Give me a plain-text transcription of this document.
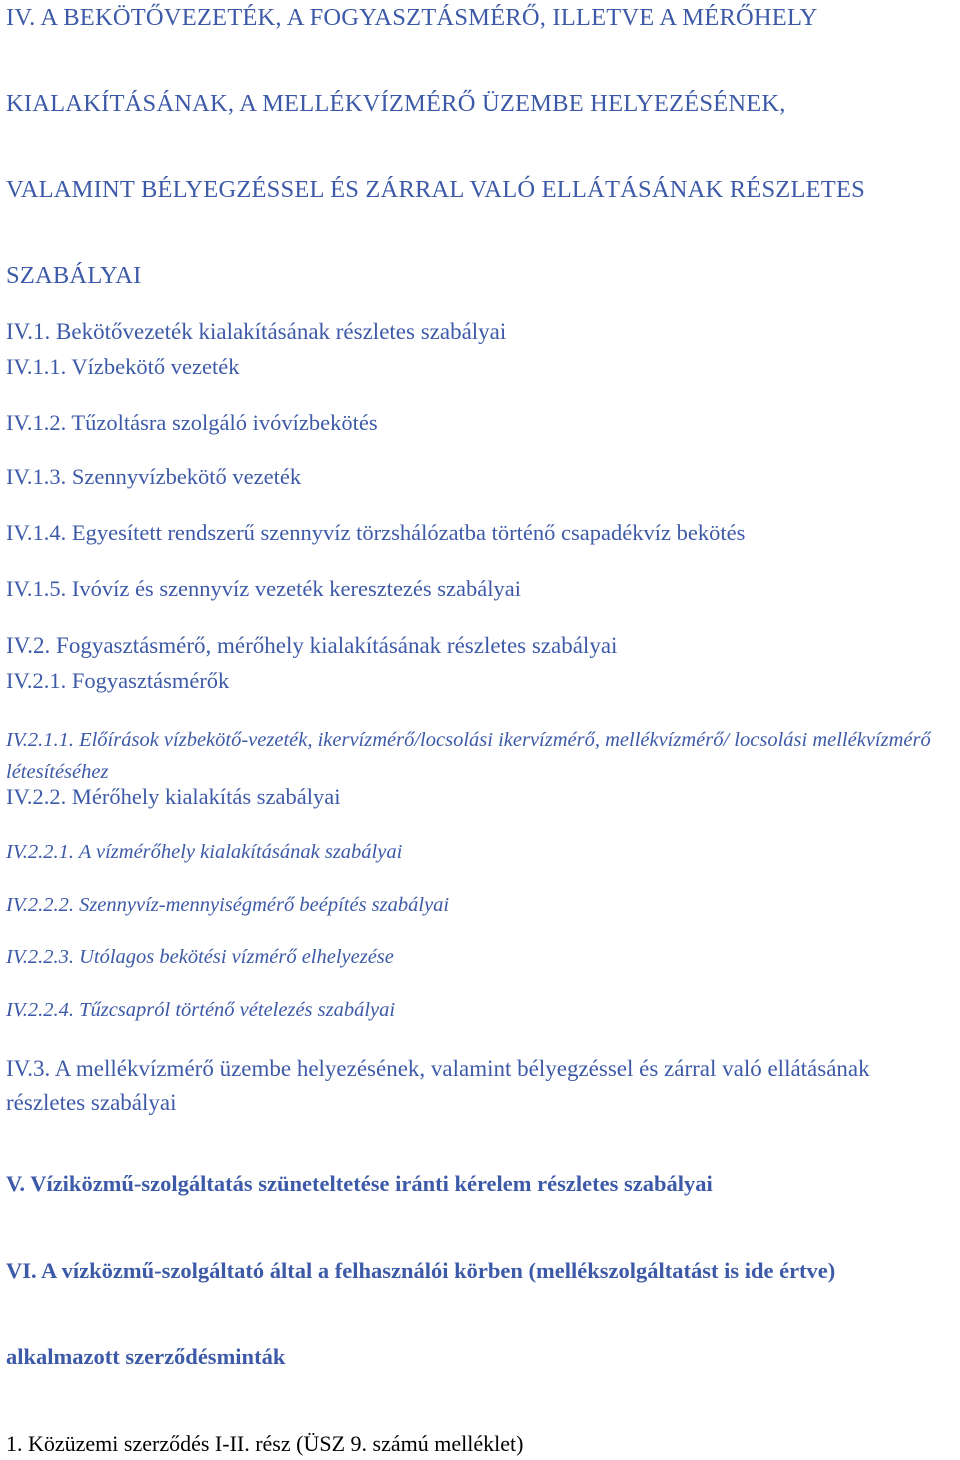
IV. A BEKÖTŐVEZETÉK, A FOGYASZTÁSMÉRŐ, ILLETVE A MÉRŐHELY

KIALAKÍTÁSÁNAK, A MELLÉKVÍZMÉRŐ ÜZEMBE HELYEZÉSÉNEK,

VALAMINT BÉLYEGZÉSSEL ÉS ZÁRRAL VALÓ ELLÁTÁSÁNAK RÉSZLETES

SZABÁLYAI

IV.1. Bekötővezeték kialakításának részletes szabályai
IV.1.1. Vízbekötő vezeték
IV.1.2. Tűzoltásra szolgáló ivóvízbekötés
IV.1.3. Szennyvízbekötő vezeték
IV.1.4. Egyesített rendszerű szennyvíz törzshálózatba történő csapadékvíz bekötés
IV.1.5. Ivóvíz és szennyvíz vezeték keresztezés szabályai
IV.2. Fogyasztásmérő, mérőhely kialakításának részletes szabályai
IV.2.1. Fogyasztásmérők
IV.2.1.1. Előírások vízbekötő-vezeték, ikervízmérő/locsolási ikervízmérő, mellékvízmérő/ locsolási mellékvízmérő létesítéséhez
IV.2.2. Mérőhely kialakítás szabályai
IV.2.2.1. A vízmérőhely kialakításának szabályai
IV.2.2.2. Szennyvíz-mennyiségmérő beépítés szabályai
IV.2.2.3. Utólagos bekötési vízmérő elhelyezése
IV.2.2.4. Tűzcsapról történő vételezés szabályai
IV.3. A mellékvízmérő üzembe helyezésének, valamint bélyegzéssel és zárral való ellátásának részletes szabályai
V. Víziközmű-szolgáltatás szüneteltetése iránti kérelem részletes szabályai
VI. A vízközmű-szolgáltató által a felhasználói körben (mellékszolgáltatást is ide értve)
alkalmazott szerződésminták

1. Közüzemi szerződés I-II. rész (ÜSZ 9. számú melléklet)
